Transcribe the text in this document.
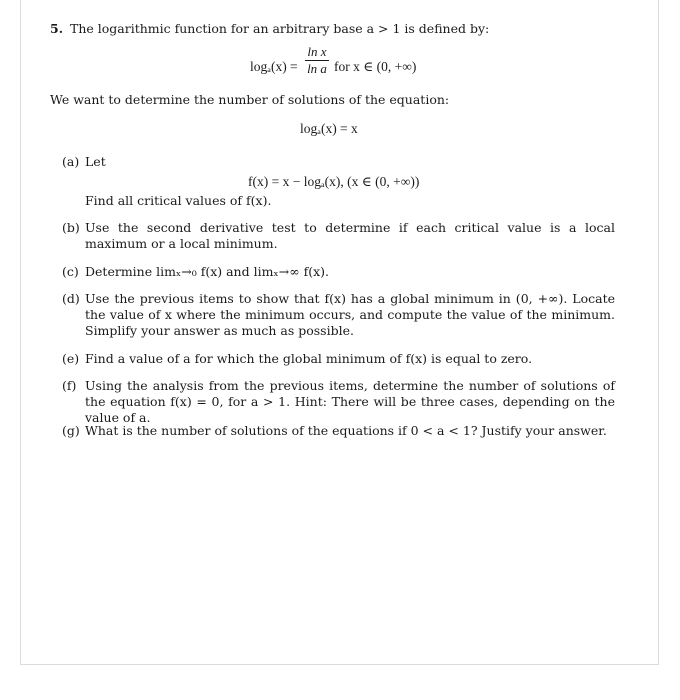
5. The logarithmic function for an arbitrary base a > 1 is defined by:
logₐ(x) =
ln x
ln a for x ∈ (0, +∞)
We want to determine the number of solutions of the equation:
logₐ(x) = x
(a) Let
f(x) = x − logₐ(x), (x ∈ (0, +∞))
Find all critical values of f(x).
(b) Use the second derivative test to determine if each critical value is a local maximum or a local minimum.
(c) Determine limₓ→₀ f(x) and limₓ→∞ f(x).
(d) Use the previous items to show that f(x) has a global minimum in (0, +∞). Locate the value of x where the minimum occurs, and compute the value of the minimum. Simplify your answer as much as possible.
(e) Find a value of a for which the global minimum of f(x) is equal to zero.
(f) Using the analysis from the previous items, determine the number of solutions of the equation f(x) = 0, for a > 1. Hint: There will be three cases, depending on the value of a.
(g) What is the number of solutions of the equations if 0 < a < 1? Justify your answer.
